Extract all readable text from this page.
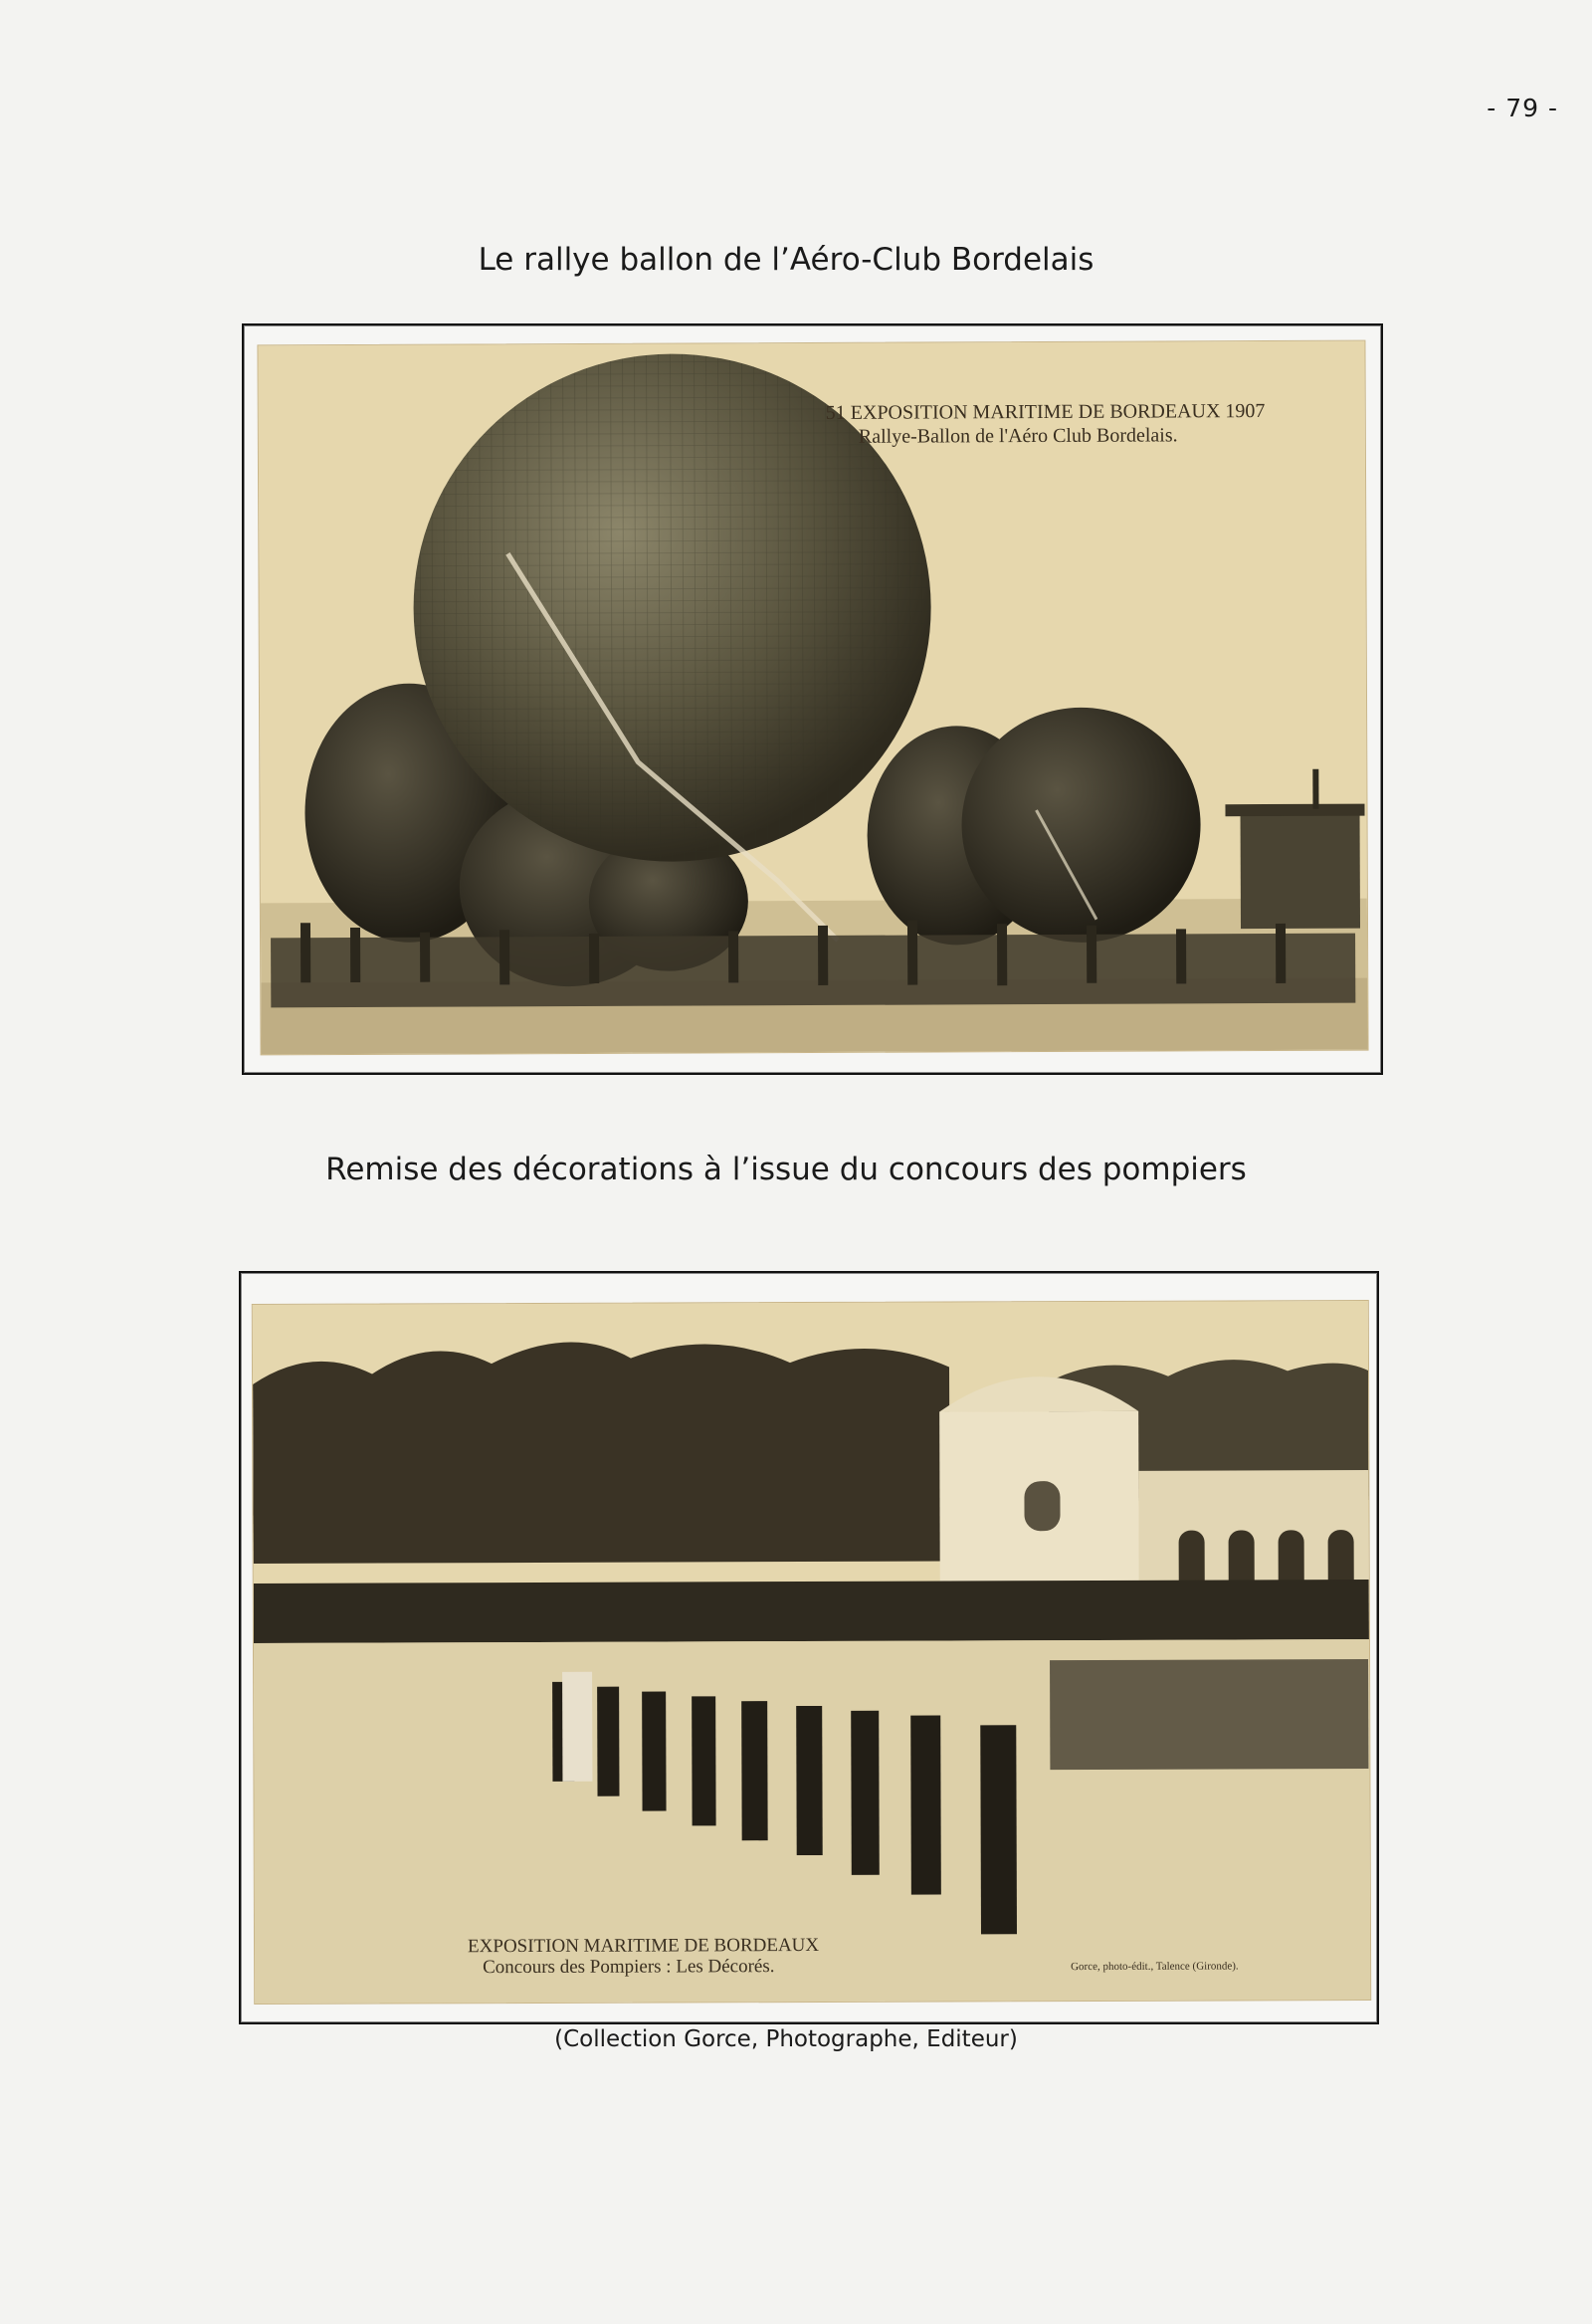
- 79 -
Le rallye ballon de l’Aéro-Club Bordelais
51 EXPOSITION MARITIME DE BORDEAUX 1907
Rallye-Ballon de l'Aéro Club Bordelais.
Remise des décorations à l’issue du concours des pompiers
EXPOSITION MARITIME DE BORDEAUX
Concours des Pompiers : Les Décorés.	Gorce, photo-édit., Talence (Gironde).
(Collection Gorce, Photographe, Editeur)
